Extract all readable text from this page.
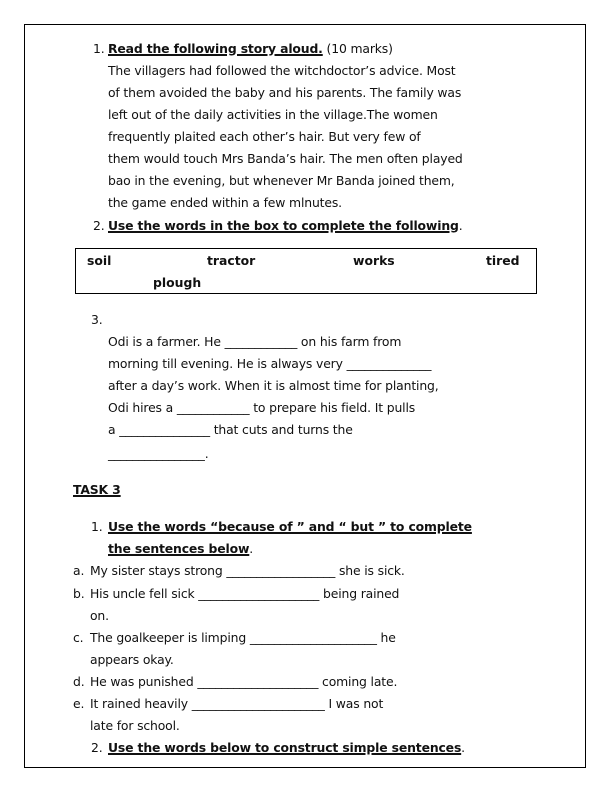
1. Read the following story aloud. (10 marks)
The villagers had followed the witchdoctor’s advice. Most
of them avoided the baby and his parents. The family was
left out of the daily activities in the village.The women
frequently plaited each other’s hair. But very few of
them would touch Mrs Banda’s hair. The men often played
bao in the evening, but whenever Mr Banda joined them,
the game ended within a few mlnutes.
2. Use the words in the box to complete the following.
soil	tractor	works	tired
plough
3.
Odi is a farmer. He ____________ on his farm from
morning till evening. He is always very ______________
after a day’s work. When it is almost time for planting,
Odi hires a ____________ to prepare his field. It pulls
a _______________ that cuts and turns the
________________.
TASK 3
1. Use the words “because of ” and “ but ” to complete
the sentences below.
a. My sister stays strong __________________ she is sick.
b. His uncle fell sick ____________________ being rained
on.
c. The goalkeeper is limping _____________________ he
appears okay.
d. He was punished ____________________ coming late.
e. It rained heavily ______________________ I was not
late for school.
2. Use the words below to construct simple sentences.
